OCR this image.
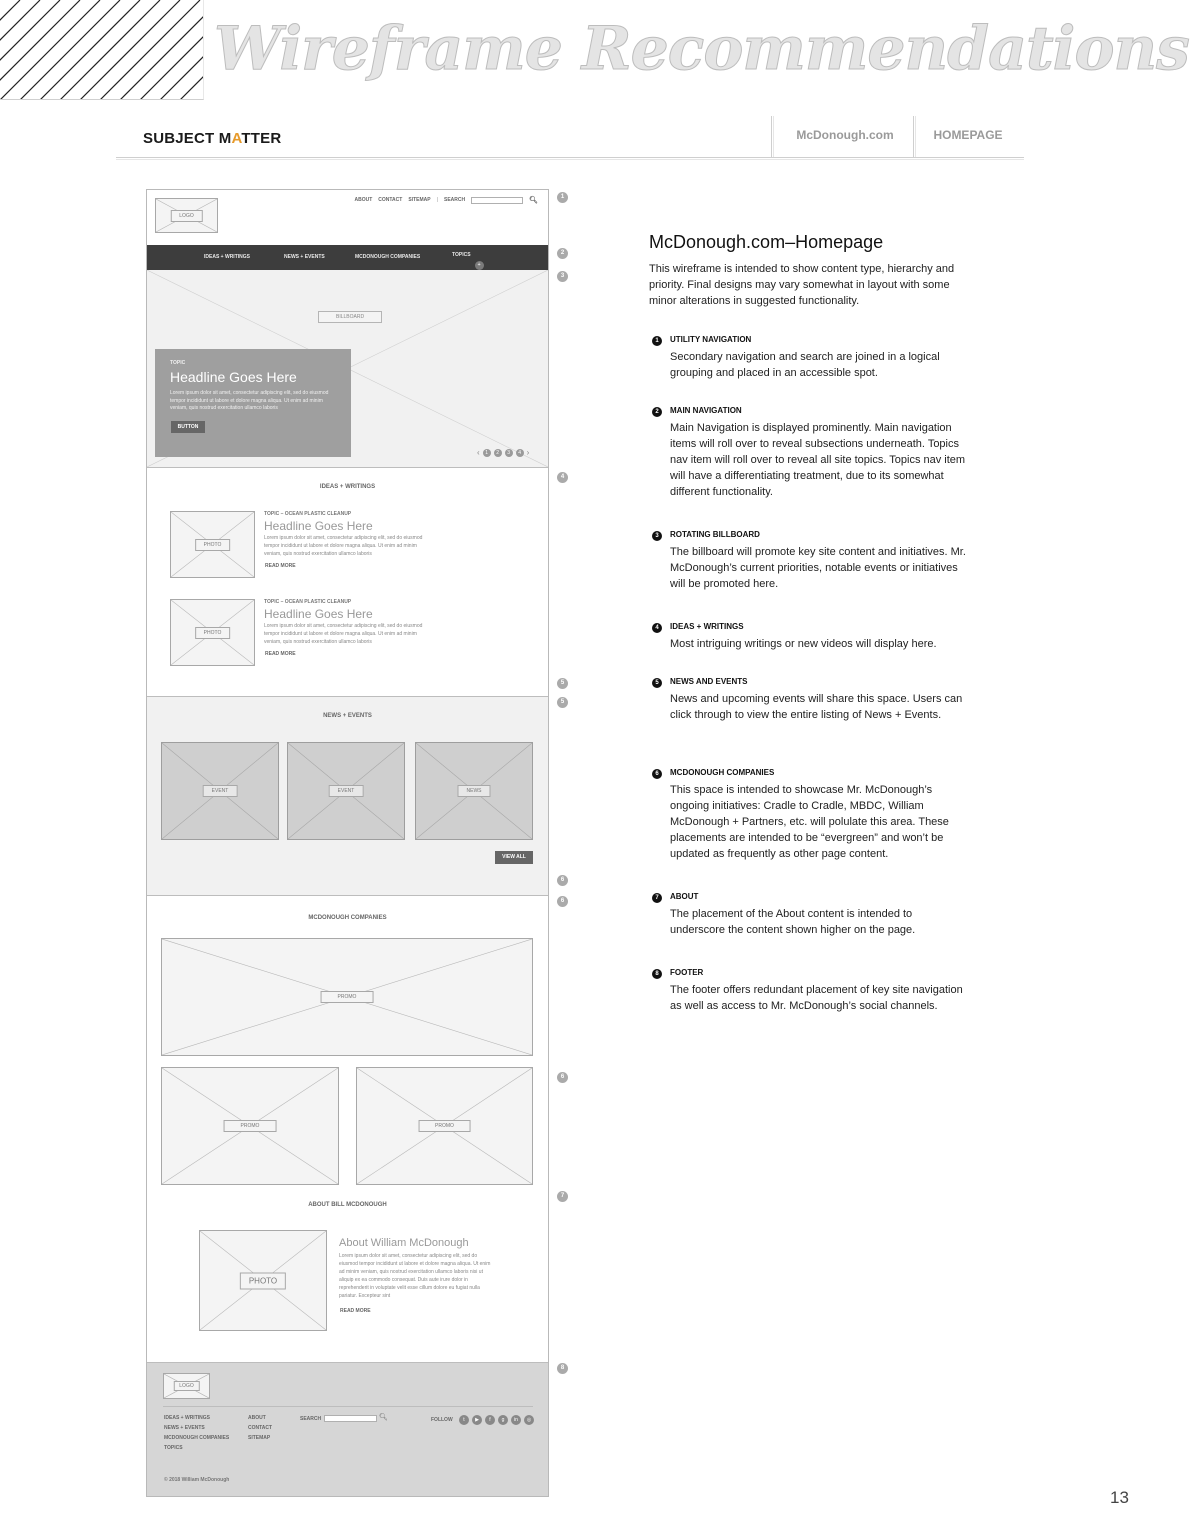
Wireframe Recommendations
SUBJECT MATTER	McDonough.com	HOMEPAGE
LOGO
ABOUT CONTACT SITEMAP | SEARCH	🔍︎
IDEAS + WRITINGS	NEWS + EVENTS	MCDONOUGH COMPANIES	TOPICS
+
BILLBOARD
TOPIC
Headline Goes Here
Lorem ipsum dolor sit amet, consectetur adipiscing elit, sed do eiusmod tempor incididunt ut labore et dolore magna aliqua. Ut enim ad minim veniam, quis nostrud exercitation ullamco laboris
BUTTON
‹	1	2	3	4 ›
IDEAS + WRITINGS
PHOTO
TOPIC – OCEAN PLASTIC CLEANUP
Headline Goes Here
Lorem ipsum dolor sit amet, consectetur adipiscing elit, sed do eiusmod tempor incididunt ut labore et dolore magna aliqua. Ut enim ad minim veniam, quis nostrud exercitation ullamco laboris
READ MORE
PHOTO
TOPIC – OCEAN PLASTIC CLEANUP
Headline Goes Here
Lorem ipsum dolor sit amet, consectetur adipiscing elit, sed do eiusmod tempor incididunt ut labore et dolore magna aliqua. Ut enim ad minim veniam, quis nostrud exercitation ullamco laboris
READ MORE
NEWS + EVENTS
EVENT	EVENT	NEWS
VIEW ALL
MCDONOUGH COMPANIES
PROMO
PROMO	PROMO
ABOUT BILL MCDONOUGH
PHOTO
About William McDonough
Lorem ipsum dolor sit amet, consectetur adipiscing elit, sed do eiusmod tempor incididunt ut labore et dolore magna aliqua. Ut enim ad minim veniam, quis nostrud exercitation ullamco laboris nisi ut aliquip ex ea commodo consequat. Duis aute irure dolor in reprehenderit in voluptate velit esse cillum dolore eu fugiat nulla pariatur. Excepteur sint
READ MORE
LOGO
IDEAS + WRITINGS
NEWS + EVENTS
MCDONOUGH COMPANIES
TOPICS
ABOUT
CONTACT
SITEMAP
SEARCH	🔍︎	FOLLOW	t	▶	f	g	in	◎
© 2018 William McDonough
1
2
3
4
5
5
6
6
6
7
8
McDonough.com–Homepage
This wireframe is intended to show content type, hierarchy and priority. Final designs may vary somewhat in layout with some minor alterations in suggested functionality.
1	UTILITY NAVIGATION
Secondary navigation and search are joined in a logical grouping and placed in an accessible spot.
2	MAIN NAVIGATION
Main Navigation is displayed prominently. Main navigation items will roll over to reveal subsections underneath. Topics nav item will roll over to reveal all site topics. Topics nav item will have a differentiating treatment, due to its somewhat different functionality.
3	ROTATING BILLBOARD
The billboard will promote key site content and initiatives. Mr. McDonough’s current priorities, notable events or initiatives will be promoted here.
4	IDEAS + WRITINGS
Most intriguing writings or new videos will display here.
5	NEWS AND EVENTS
News and upcoming events will share this space. Users can click through to view the entire listing of News + Events.
6	MCDONOUGH COMPANIES
This space is intended to showcase Mr. McDonough’s ongoing initiatives: Cradle to Cradle, MBDC, William McDonough + Partners, etc. will polulate this area. These placements are intended to be “evergreen” and won’t be updated as frequently as other page content.
7	ABOUT
The placement of the About content is intended to underscore the content shown higher on the page.
8	FOOTER
The footer offers redundant placement of key site navigation as well as access to Mr. McDonough’s social channels.
13
